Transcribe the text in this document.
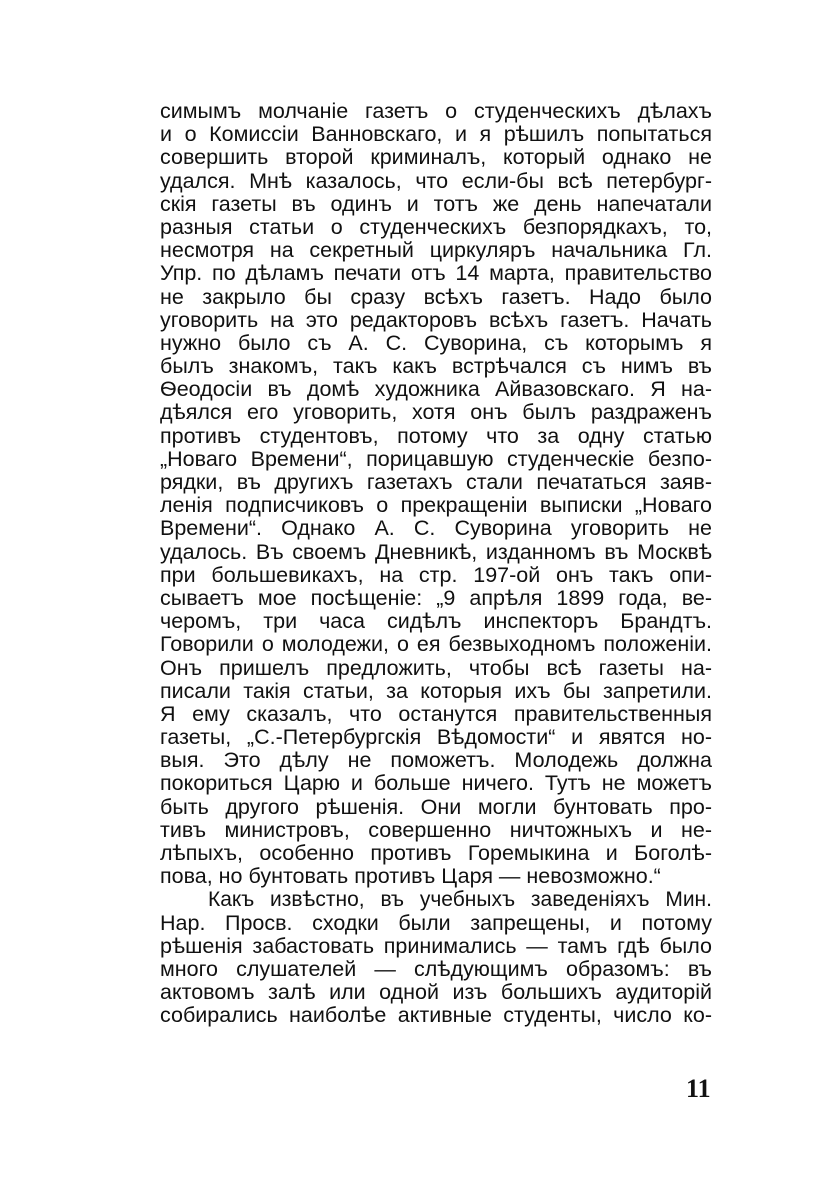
симымъ молчаніе газетъ о студенческихъ дѣлахъ
и о Комиссіи Ванновскаго, и я рѣшилъ попытаться
совершить второй криминалъ, который однако не
удался. Мнѣ казалось, что если-бы всѣ петербург-
скія газеты въ одинъ и тотъ же день напечатали
разныя статьи о студенческихъ безпорядкахъ, то,
несмотря на секретный циркуляръ начальника Гл.
Упр. по дѣламъ печати отъ 14 марта, правительство
не закрыло бы сразу всѣхъ газетъ. Надо было
уговорить на это редакторовъ всѣхъ газетъ. Начать
нужно было съ А. С. Суворина, съ которымъ я
былъ знакомъ, такъ какъ встрѣчался съ нимъ въ
Ѳеодосіи въ домѣ художника Айвазовскаго. Я на-
дѣялся его уговорить, хотя онъ былъ раздраженъ
противъ студентовъ, потому что за одну статью
„Новаго Времени“, порицавшую студенческіе безпо-
рядки, въ другихъ газетахъ стали печататься заяв-
ленія подписчиковъ о прекращеніи выписки „Новаго
Времени“. Однако А. С. Суворина уговорить не
удалось. Въ своемъ Дневникѣ, изданномъ въ Москвѣ
при большевикахъ, на стр. 197-ой онъ такъ опи-
сываетъ мое посѣщеніе: „9 апрѣля 1899 года, ве-
черомъ, три часа сидѣлъ инспекторъ Брандтъ.
Говорили о молодежи, о ея безвыходномъ положеніи.
Онъ пришелъ предложить, чтобы всѣ газеты на-
писали такія статьи, за которыя ихъ бы запретили.
Я ему сказалъ, что останутся правительственныя
газеты, „С.-Петербургскія Вѣдомости“ и явятся но-
выя. Это дѣлу не поможетъ. Молодежь должна
покориться Царю и больше ничего. Тутъ не можетъ
быть другого рѣшенія. Они могли бунтовать про-
тивъ министровъ, совершенно ничтожныхъ и не-
лѣпыхъ, особенно противъ Горемыкина и Боголѣ-
пова, но бунтовать противъ Царя — невозможно.“
Какъ извѣстно, въ учебныхъ заведеніяхъ Мин.
Нар. Просв. сходки были запрещены, и потому
рѣшенія забастовать принимались — тамъ гдѣ было
много слушателей — слѣдующимъ образомъ: въ
актовомъ залѣ или одной изъ большихъ аудиторій
собирались наиболѣе активные студенты, число ко-
11
